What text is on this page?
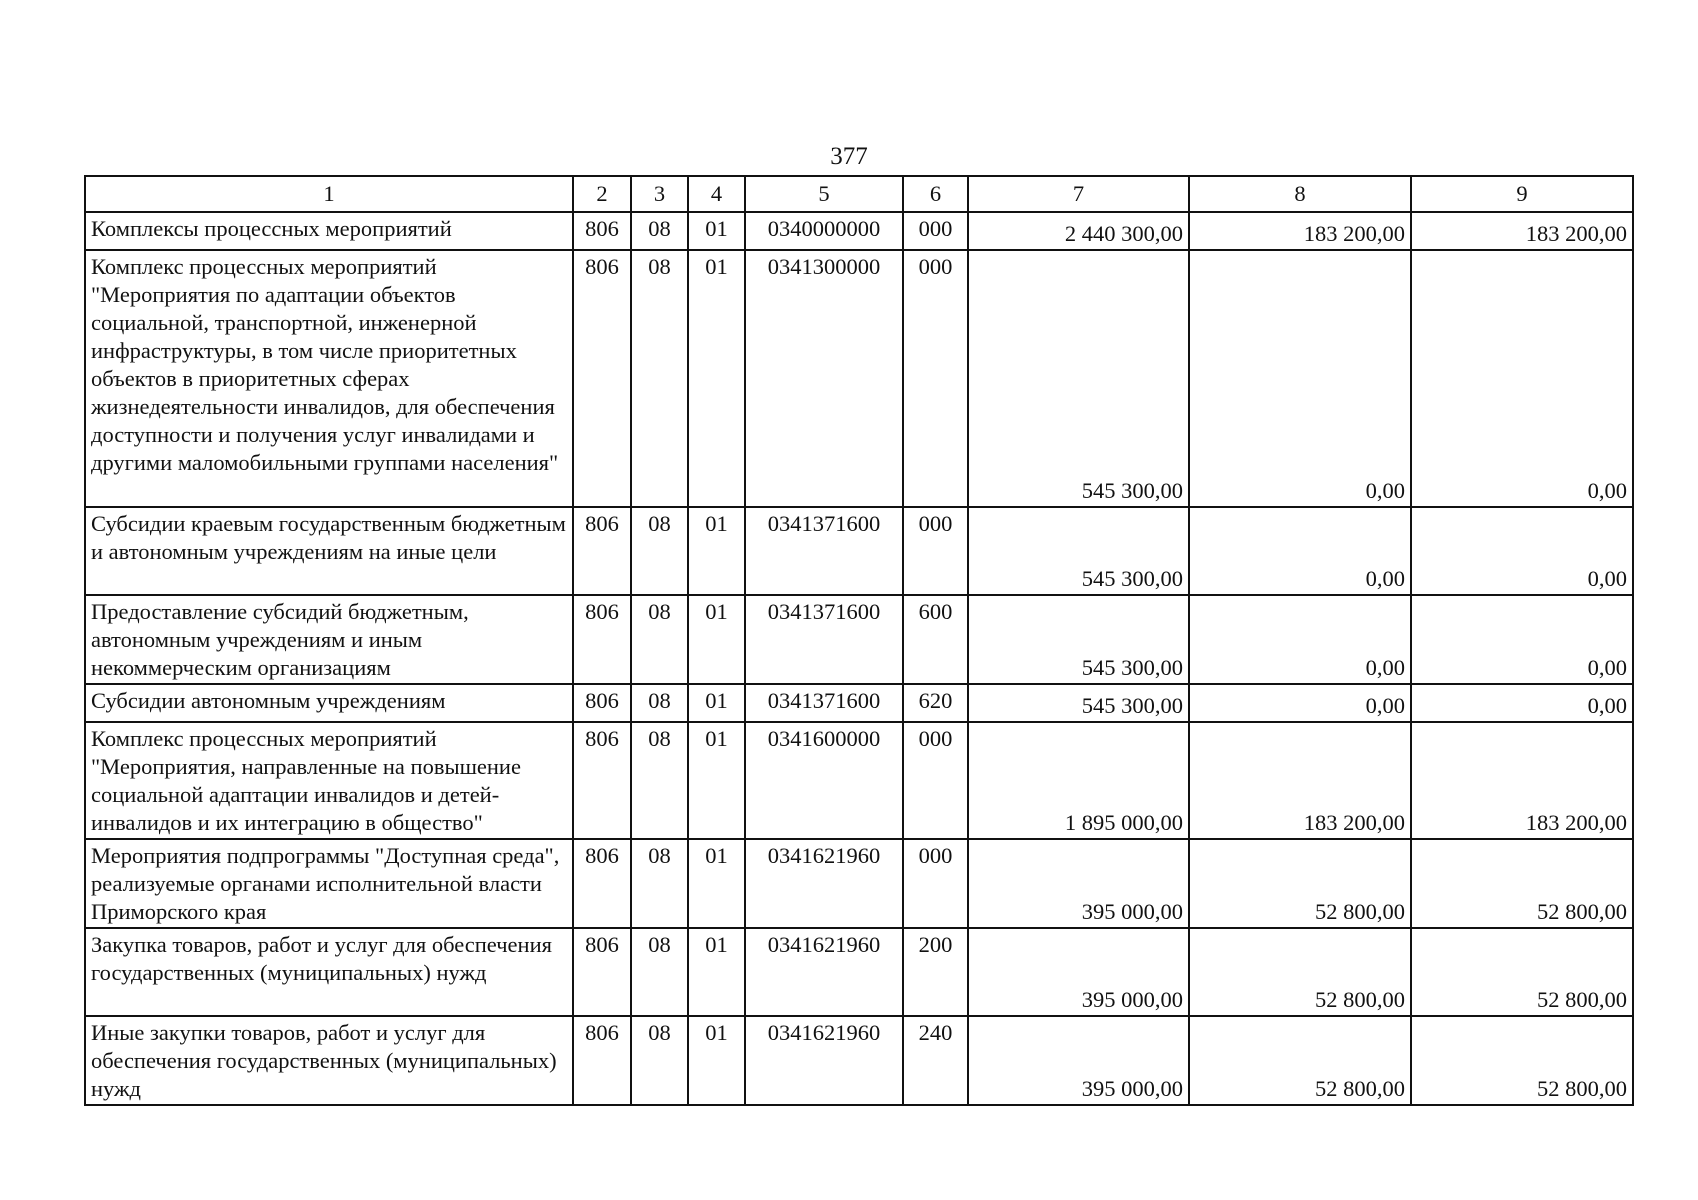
377
1	2	3	4	5	6	7	8	9
Комплексы процессных мероприятий	806	08	01	0340000000	000	2 440 300,00	183 200,00	183 200,00
Комплекс процессных мероприятий "Мероприятия по адаптации объектов социальной, транспортной, инженерной инфраструктуры, в том числе приоритетных объектов в приоритетных сферах жизнедеятельности инвалидов, для обеспечения доступности и получения услуг инвалидами и другими маломобильными группами населения"	806	08	01	0341300000	000	545 300,00	0,00	0,00
Субсидии краевым государственным бюджетным и автономным учреждениям на иные цели	806	08	01	0341371600	000	545 300,00	0,00	0,00
Предоставление субсидий бюджетным, автономным учреждениям и иным некоммерческим организациям	806	08	01	0341371600	600	545 300,00	0,00	0,00
Субсидии автономным учреждениям	806	08	01	0341371600	620	545 300,00	0,00	0,00
Комплекс процессных мероприятий "Мероприятия, направленные на повышение социальной адаптации инвалидов и детей-инвалидов и их интеграцию в общество"	806	08	01	0341600000	000	1 895 000,00	183 200,00	183 200,00
Мероприятия подпрограммы "Доступная среда", реализуемые органами исполнительной власти Приморского края	806	08	01	0341621960	000	395 000,00	52 800,00	52 800,00
Закупка товаров, работ и услуг для обеспечения государственных (муниципальных) нужд	806	08	01	0341621960	200	395 000,00	52 800,00	52 800,00
Иные закупки товаров, работ и услуг для обеспечения государственных (муниципальных) нужд	806	08	01	0341621960	240	395 000,00	52 800,00	52 800,00
